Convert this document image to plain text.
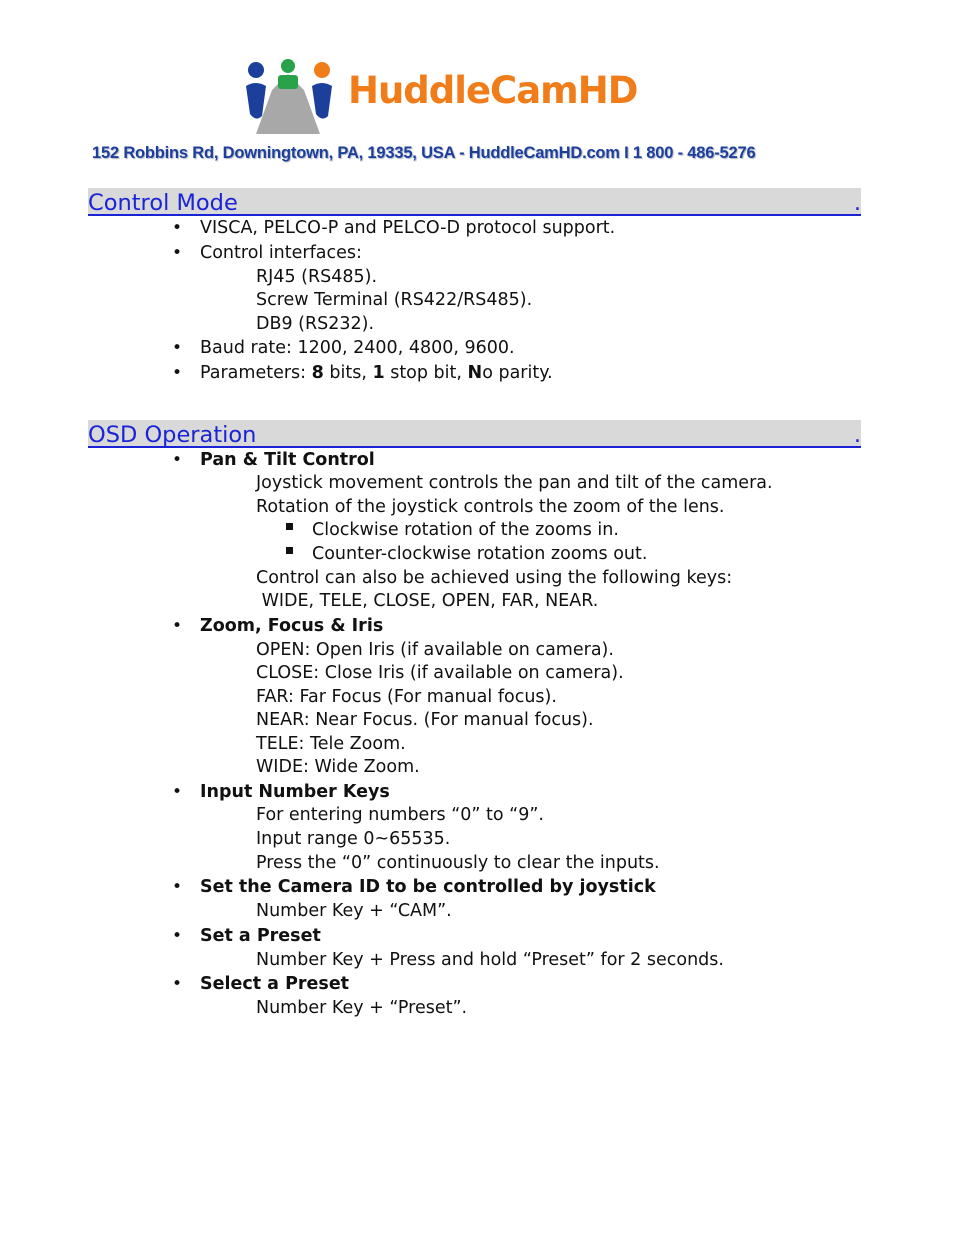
HuddleCamHD
152 Robbins Rd, Downingtown, PA, 19335, USA - HuddleCamHD.com I 1 800 - 486-5276
Control Mode	.
• VISCA, PELCO-P and PELCO-D protocol support.
• Control interfaces:
RJ45 (RS485).
Screw Terminal (RS422/RS485).
DB9 (RS232).
• Baud rate: 1200, 2400, 4800, 9600.
• Parameters: 8 bits, 1 stop bit, No parity.
OSD Operation	.
• Pan & Tilt Control
Joystick movement controls the pan and tilt of the camera.
Rotation of the joystick controls the zoom of the lens.
Clockwise rotation of the zooms in.
Counter-clockwise rotation zooms out.
Control can also be achieved using the following keys:
WIDE, TELE, CLOSE, OPEN, FAR, NEAR.
• Zoom, Focus & Iris
OPEN: Open Iris (if available on camera).
CLOSE: Close Iris (if available on camera).
FAR: Far Focus (For manual focus).
NEAR: Near Focus. (For manual focus).
TELE: Tele Zoom.
WIDE: Wide Zoom.
• Input Number Keys
For entering numbers “0” to “9”.
Input range 0~65535.
Press the “0” continuously to clear the inputs.
• Set the Camera ID to be controlled by joystick
Number Key + “CAM”.
• Set a Preset
Number Key + Press and hold “Preset” for 2 seconds.
• Select a Preset
Number Key + “Preset”.
